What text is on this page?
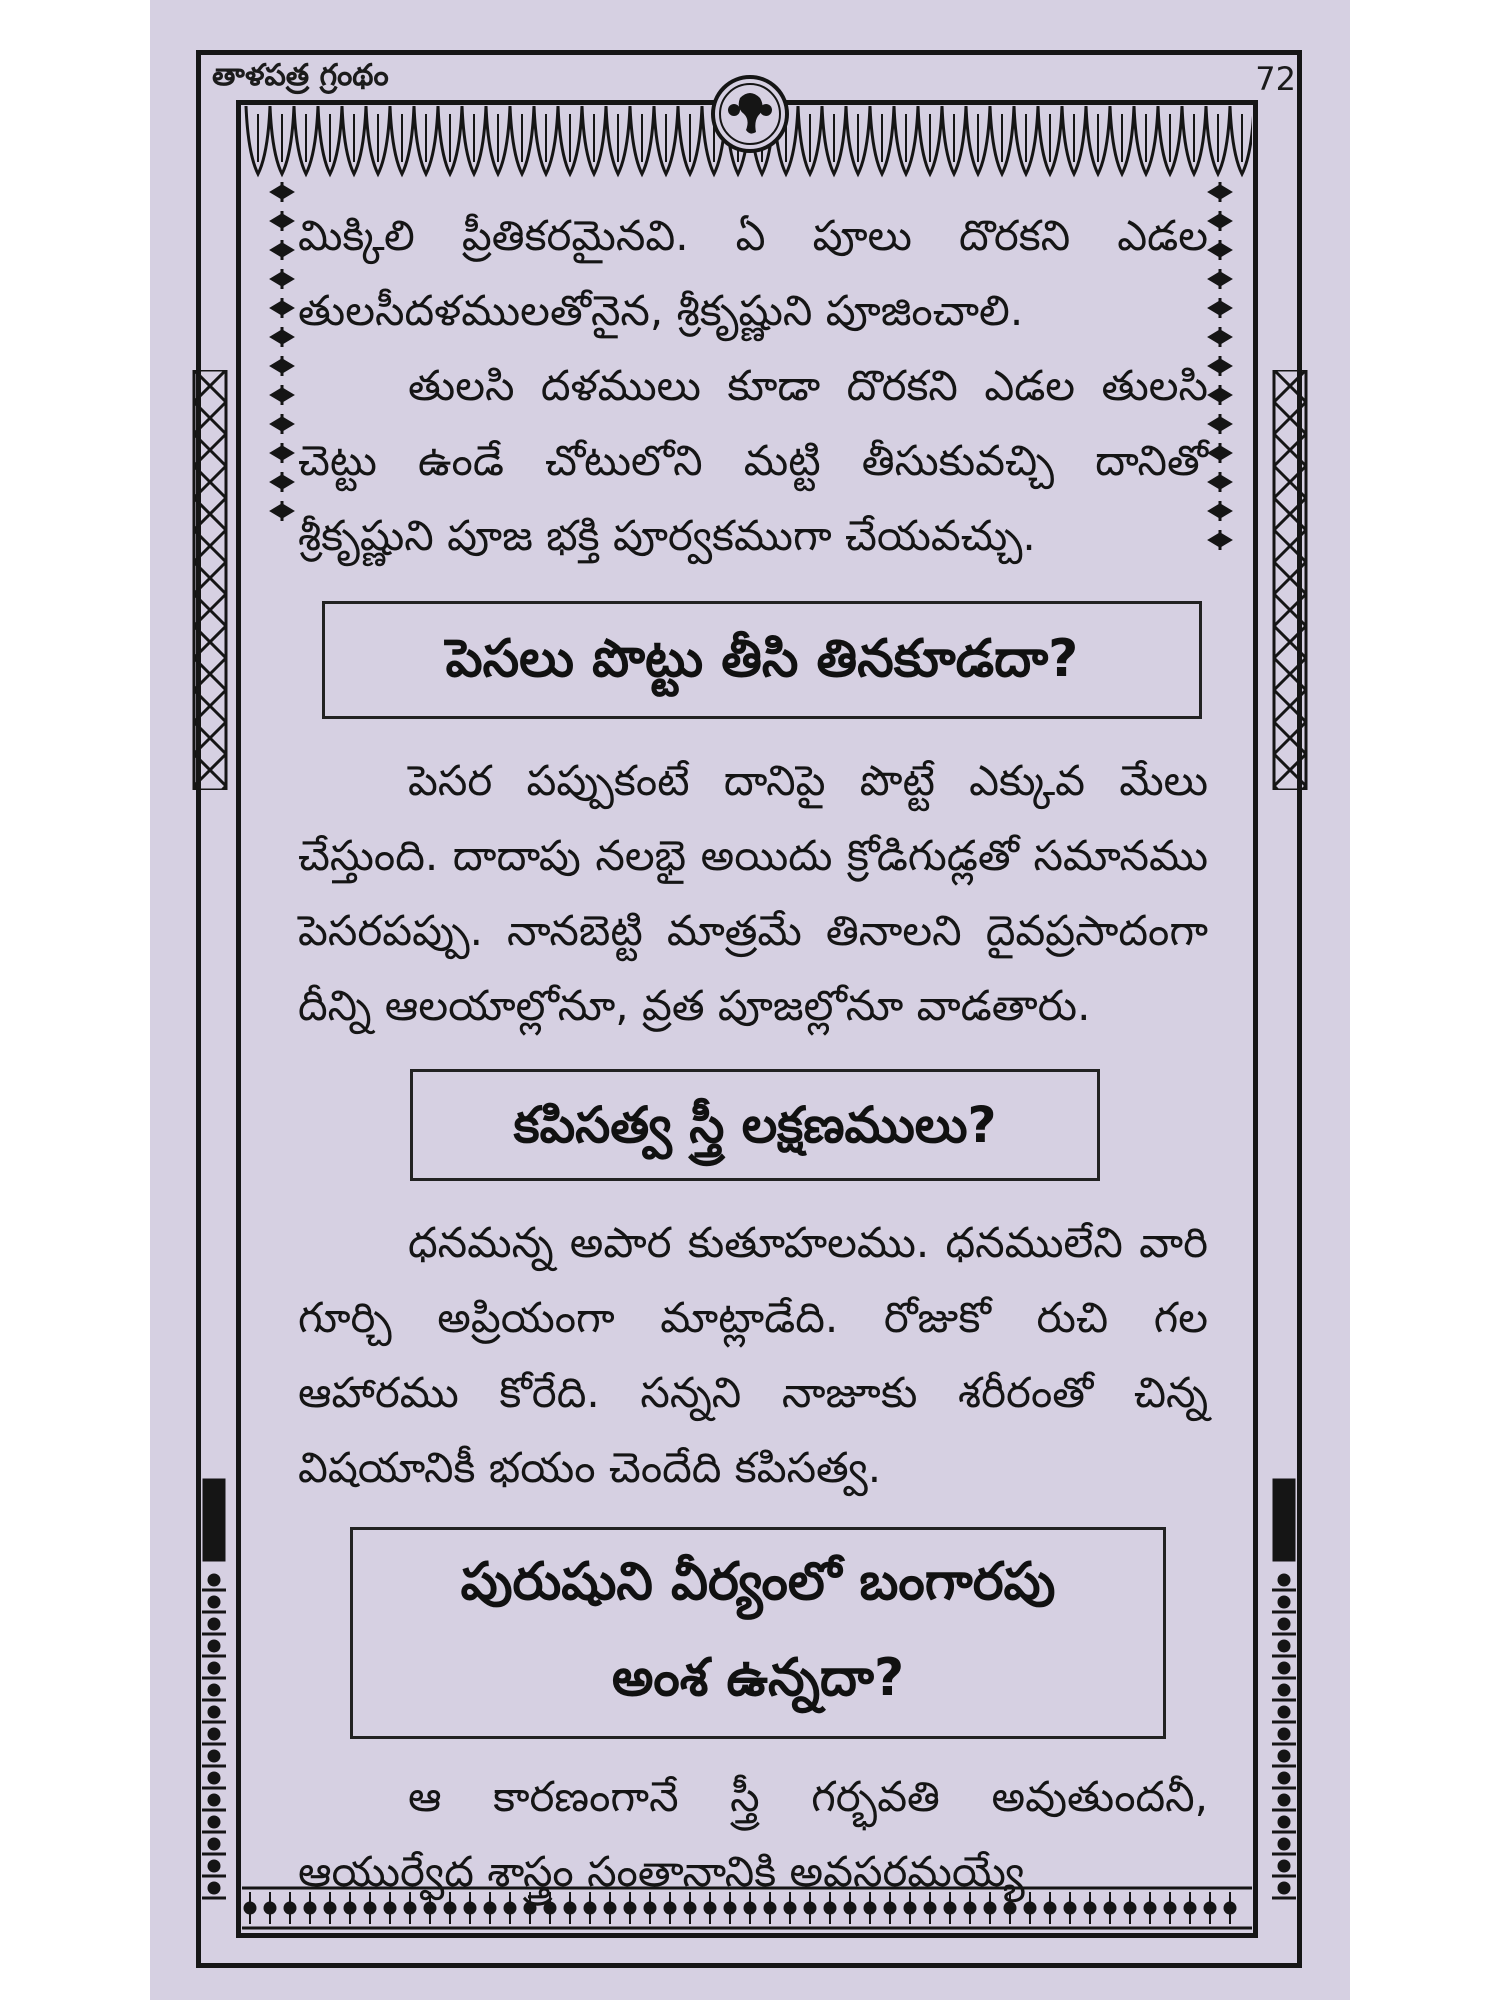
తాళపత్ర గ్రంథం	72

మిక్కిలి ప్రీతికరమైనవి. ఏ పూలు దొరకని ఎడల తులసీదళములతోనైన, శ్రీకృష్ణుని పూజించాలి.

తులసి దళములు కూడా దొరకని ఎడల తులసి చెట్టు ఉండే చోటులోని మట్టి తీసుకువచ్చి దానితో శ్రీకృష్ణుని పూజ భక్తి పూర్వకముగా చేయవచ్చు.

పెసలు పొట్టు తీసి తినకూడదా?

పెసర పప్పుకంటే దానిపై పొట్టే ఎక్కువ మేలు చేస్తుంది. దాదాపు నలభై అయిదు క్రోడిగుడ్లతో సమానము పెసరపప్పు. నానబెట్టి మాత్రమే తినాలని దైవప్రసాదంగా దీన్ని ఆలయాల్లోనూ, వ్రత పూజల్లోనూ వాడతారు.

కపిసత్వ స్త్రీ లక్షణములు?

ధనమన్న అపార కుతూహలము. ధనములేని వారి గూర్చి అప్రియంగా మాట్లాడేది. రోజుకో రుచి గల ఆహారము కోరేది. సన్నని నాజూకు శరీరంతో చిన్న విషయానికీ భయం చెందేది కపిసత్వ.

పురుషుని వీర్యంలో బంగారపు
అంశ ఉన్నదా?

ఆ కారణంగానే స్త్రీ గర్భవతి అవుతుందనీ, ఆయుర్వేద శాస్త్రం సంతానానికి అవసరమయ్యే
